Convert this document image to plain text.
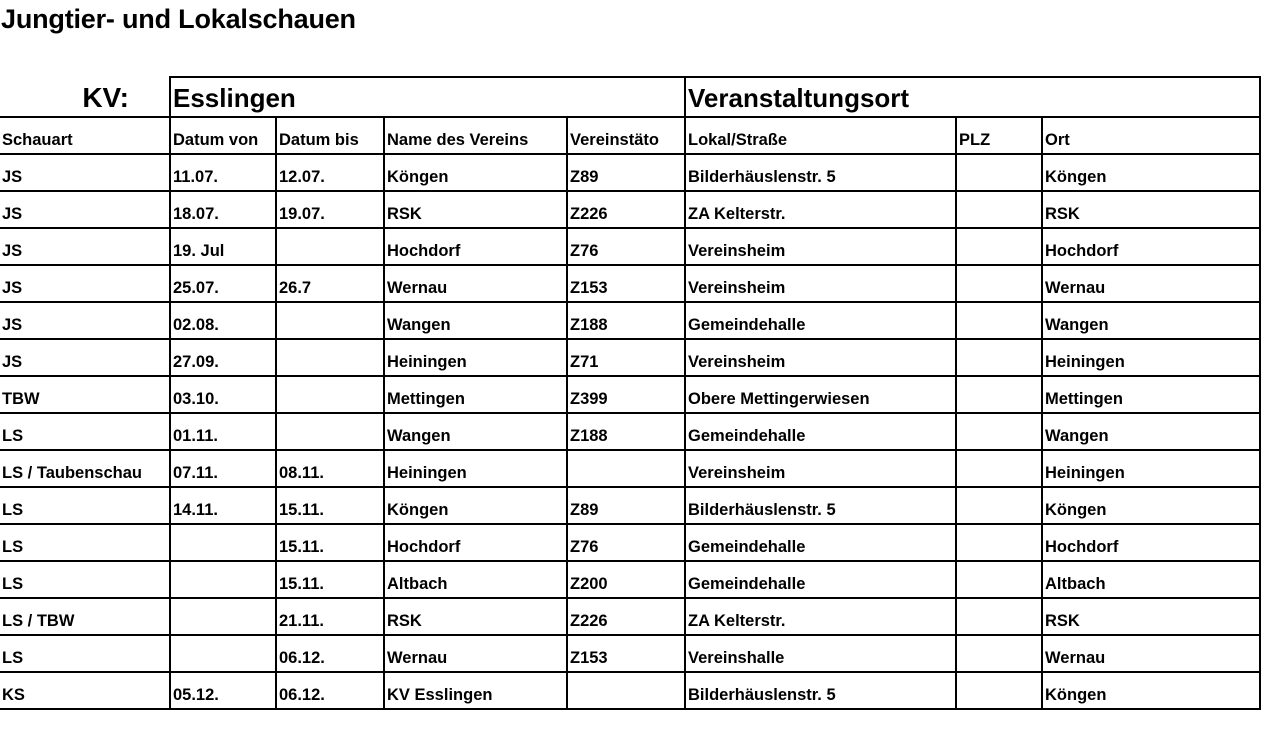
Jungtier- und Lokalschauen
KV:	Esslingen				Veranstaltungsort		
Schauart	Datum von	Datum bis	Name des Vereins	Vereinstäto	Lokal/Straße	PLZ	Ort
JS	11.07.	12.07.	Köngen	Z89	Bilderhäuslenstr. 5		Köngen
JS	18.07.	19.07.	RSK	Z226	ZA Kelterstr.		RSK
JS	19. Jul		Hochdorf	Z76	Vereinsheim		Hochdorf
JS	25.07.	26.7	Wernau	Z153	Vereinsheim		Wernau
JS	02.08.		Wangen	Z188	Gemeindehalle		Wangen
JS	27.09.		Heiningen	Z71	Vereinsheim		Heiningen
TBW	03.10.		Mettingen	Z399	Obere Mettingerwiesen		Mettingen
LS	01.11.		Wangen	Z188	Gemeindehalle		Wangen
LS / Taubenschau	07.11.	08.11.	Heiningen		Vereinsheim		Heiningen
LS	14.11.	15.11.	Köngen	Z89	Bilderhäuslenstr. 5		Köngen
LS		15.11.	Hochdorf	Z76	Gemeindehalle		Hochdorf
LS		15.11.	Altbach	Z200	Gemeindehalle		Altbach
LS / TBW		21.11.	RSK	Z226	ZA Kelterstr.		RSK
LS		06.12.	Wernau	Z153	Vereinshalle		Wernau
KS	05.12.	06.12.	KV Esslingen		Bilderhäuslenstr. 5		Köngen
